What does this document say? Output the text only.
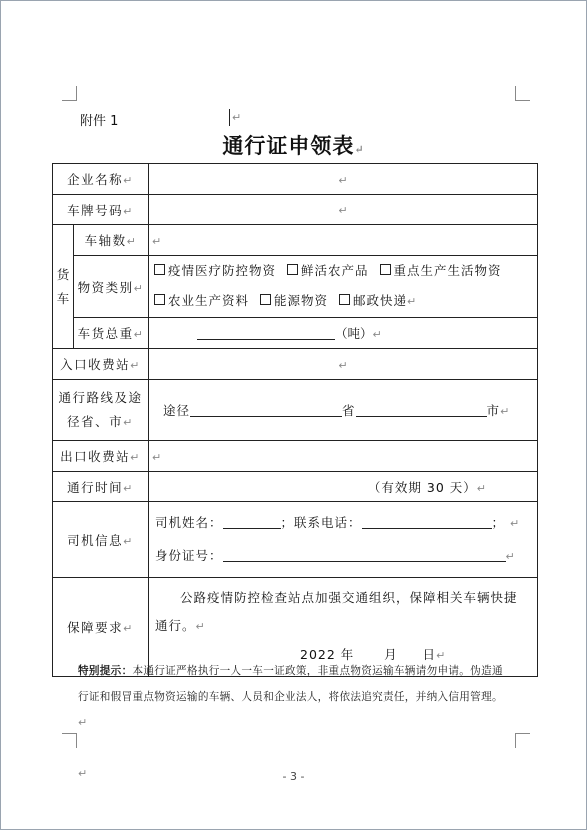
附件 1	↵
通行证申领表↵
企业名称↵		↵
车牌号码↵		↵
货车	车轴数↵	↵
	物资类别↵	疫情医疗防控物资 鲜活农产品 重点生产生活物资
农业生产资料 能源物资 邮政快递↵

	车货总重↵	（吨）↵
入口收费站↵		↵
通行路线及途径省、市↵		途径 省 市↵
出口收费站↵		↵
通行时间↵		（有效期 30 天）↵
司机信息↵		司机姓名： ；联系电话： ； ↵
身份证号： ↵

保障要求↵		公路疫情防控检查站点加强交通组织，保障相关车辆快捷通行。↵
2022 年 月 日↵
特别提示：本通行证严格执行一人一车一证政策，非重点物资运输车辆请勿申请。伪造通行证和假冒重点物资运输的车辆、人员和企业法人，将依法追究责任，并纳入信用管理。↵
↵	- 3 -
